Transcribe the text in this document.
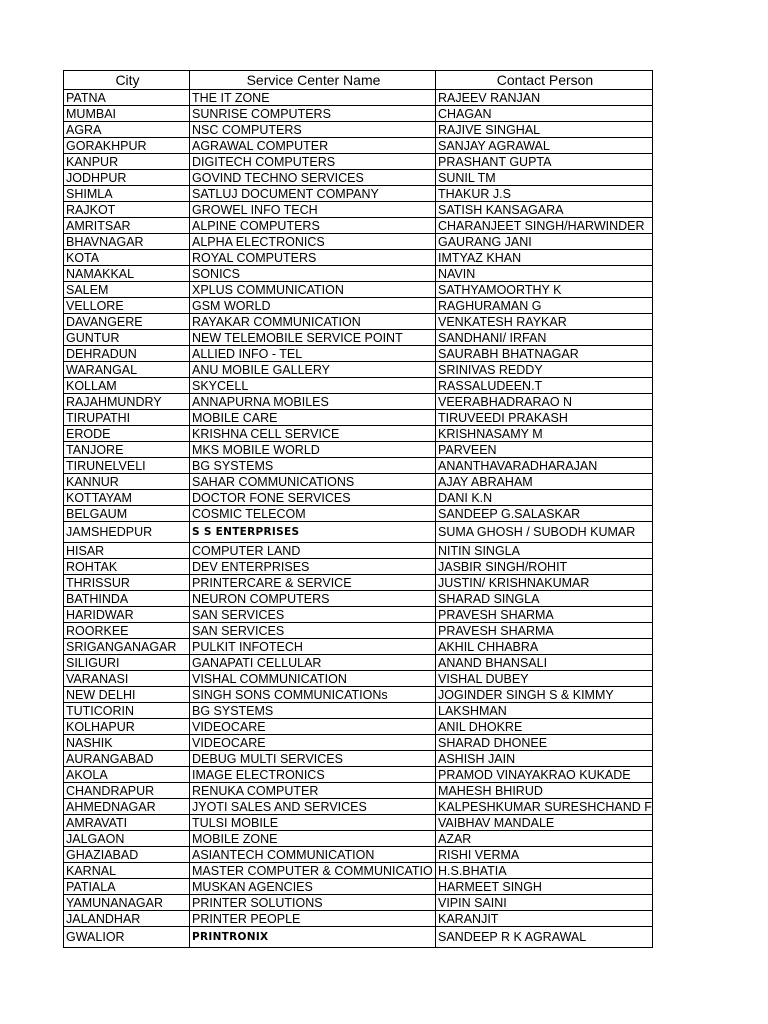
City	Service Center Name	Contact Person
PATNA	THE IT ZONE	RAJEEV RANJAN
MUMBAI	SUNRISE COMPUTERS	CHAGAN
AGRA	NSC COMPUTERS	RAJIVE SINGHAL
GORAKHPUR	AGRAWAL COMPUTER	SANJAY AGRAWAL
KANPUR	DIGITECH COMPUTERS	PRASHANT GUPTA
JODHPUR	GOVIND TECHNO SERVICES	SUNIL TM
SHIMLA	SATLUJ DOCUMENT COMPANY	THAKUR J.S
RAJKOT	GROWEL INFO TECH	SATISH KANSAGARA
AMRITSAR	ALPINE COMPUTERS	CHARANJEET SINGH/HARWINDER
BHAVNAGAR	ALPHA ELECTRONICS	GAURANG JANI
KOTA	ROYAL COMPUTERS	IMTYAZ KHAN
NAMAKKAL	SONICS	NAVIN
SALEM	XPLUS COMMUNICATION	SATHYAMOORTHY K
VELLORE	GSM WORLD	RAGHURAMAN G
DAVANGERE	RAYAKAR COMMUNICATION	VENKATESH RAYKAR
GUNTUR	NEW TELEMOBILE SERVICE POINT	SANDHANI/ IRFAN
DEHRADUN	ALLIED INFO - TEL	SAURABH BHATNAGAR
WARANGAL	ANU MOBILE GALLERY	SRINIVAS REDDY
KOLLAM	SKYCELL	RASSALUDEEN.T
RAJAHMUNDRY	ANNAPURNA MOBILES	VEERABHADRARAO N
TIRUPATHI	MOBILE CARE	TIRUVEEDI PRAKASH
ERODE	KRISHNA CELL SERVICE	KRISHNASAMY M
TANJORE	MKS MOBILE WORLD	PARVEEN
TIRUNELVELI	BG SYSTEMS	ANANTHAVARADHARAJAN
KANNUR	SAHAR COMMUNICATIONS	AJAY ABRAHAM
KOTTAYAM	DOCTOR FONE SERVICES	DANI K.N
BELGAUM	COSMIC TELECOM	SANDEEP G.SALASKAR
JAMSHEDPUR	S S ENTERPRISES	SUMA GHOSH / SUBODH KUMAR
HISAR	COMPUTER LAND	NITIN SINGLA
ROHTAK	DEV ENTERPRISES	JASBIR SINGH/ROHIT
THRISSUR	PRINTERCARE & SERVICE	JUSTIN/ KRISHNAKUMAR
BATHINDA	NEURON COMPUTERS	SHARAD SINGLA
HARIDWAR	SAN SERVICES	PRAVESH SHARMA
ROORKEE	SAN SERVICES	PRAVESH SHARMA
SRIGANGANAGAR	PULKIT INFOTECH	AKHIL CHHABRA
SILIGURI	GANAPATI CELLULAR	ANAND BHANSALI
VARANASI	VISHAL COMMUNICATION	VISHAL DUBEY
NEW DELHI	SINGH SONS COMMUNICATIONs	JOGINDER SINGH S & KIMMY
TUTICORIN	BG SYSTEMS	LAKSHMAN
KOLHAPUR	VIDEOCARE	ANIL DHOKRE
NASHIK	VIDEOCARE	SHARAD DHONEE
AURANGABAD	DEBUG MULTI SERVICES	ASHISH JAIN
AKOLA	IMAGE ELECTRONICS	PRAMOD VINAYAKRAO KUKADE
CHANDRAPUR	RENUKA COMPUTER	MAHESH BHIRUD
AHMEDNAGAR	JYOTI SALES AND SERVICES	KALPESHKUMAR SURESHCHAND F
AMRAVATI	TULSI MOBILE	VAIBHAV MANDALE
JALGAON	MOBILE ZONE	AZAR
GHAZIABAD	ASIANTECH COMMUNICATION	RISHI VERMA
KARNAL	MASTER COMPUTER & COMMUNICATIO	H.S.BHATIA
PATIALA	MUSKAN AGENCIES	HARMEET SINGH
YAMUNANAGAR	PRINTER SOLUTIONS	VIPIN SAINI
JALANDHAR	PRINTER PEOPLE	KARANJIT
GWALIOR	PRINTRONIX	SANDEEP R K AGRAWAL
